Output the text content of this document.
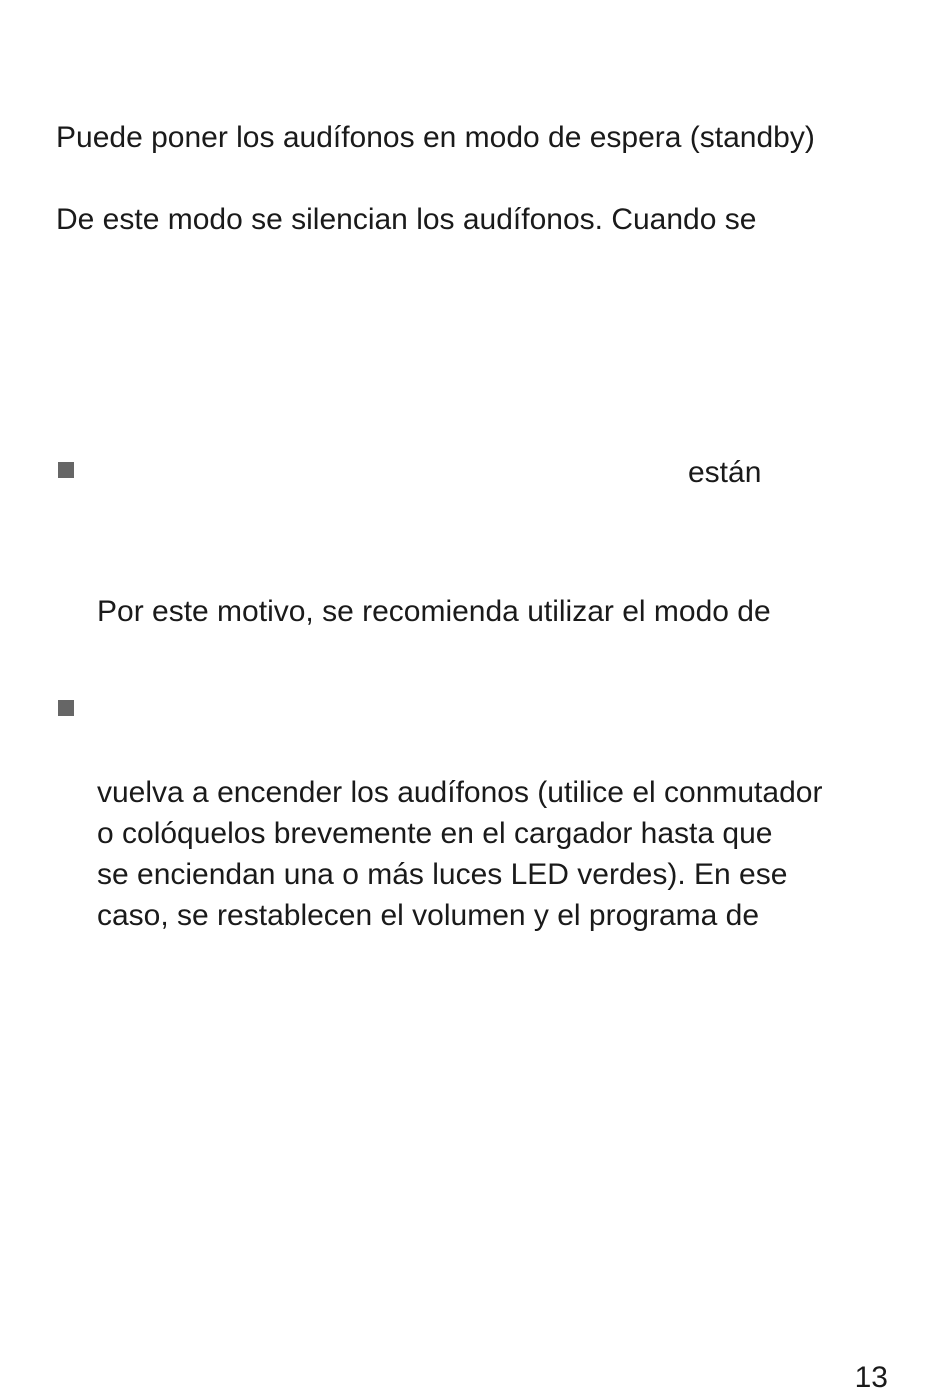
Puede poner los audífonos en modo de espera (standby)

De este modo se silencian los audífonos. Cuando se

están

Por este motivo, se recomienda utilizar el modo de

vuelva a encender los audífonos (utilice el conmutador

o colóquelos brevemente en el cargador hasta que

se enciendan una o más luces LED verdes). En ese

caso, se restablecen el volumen y el programa de

13
